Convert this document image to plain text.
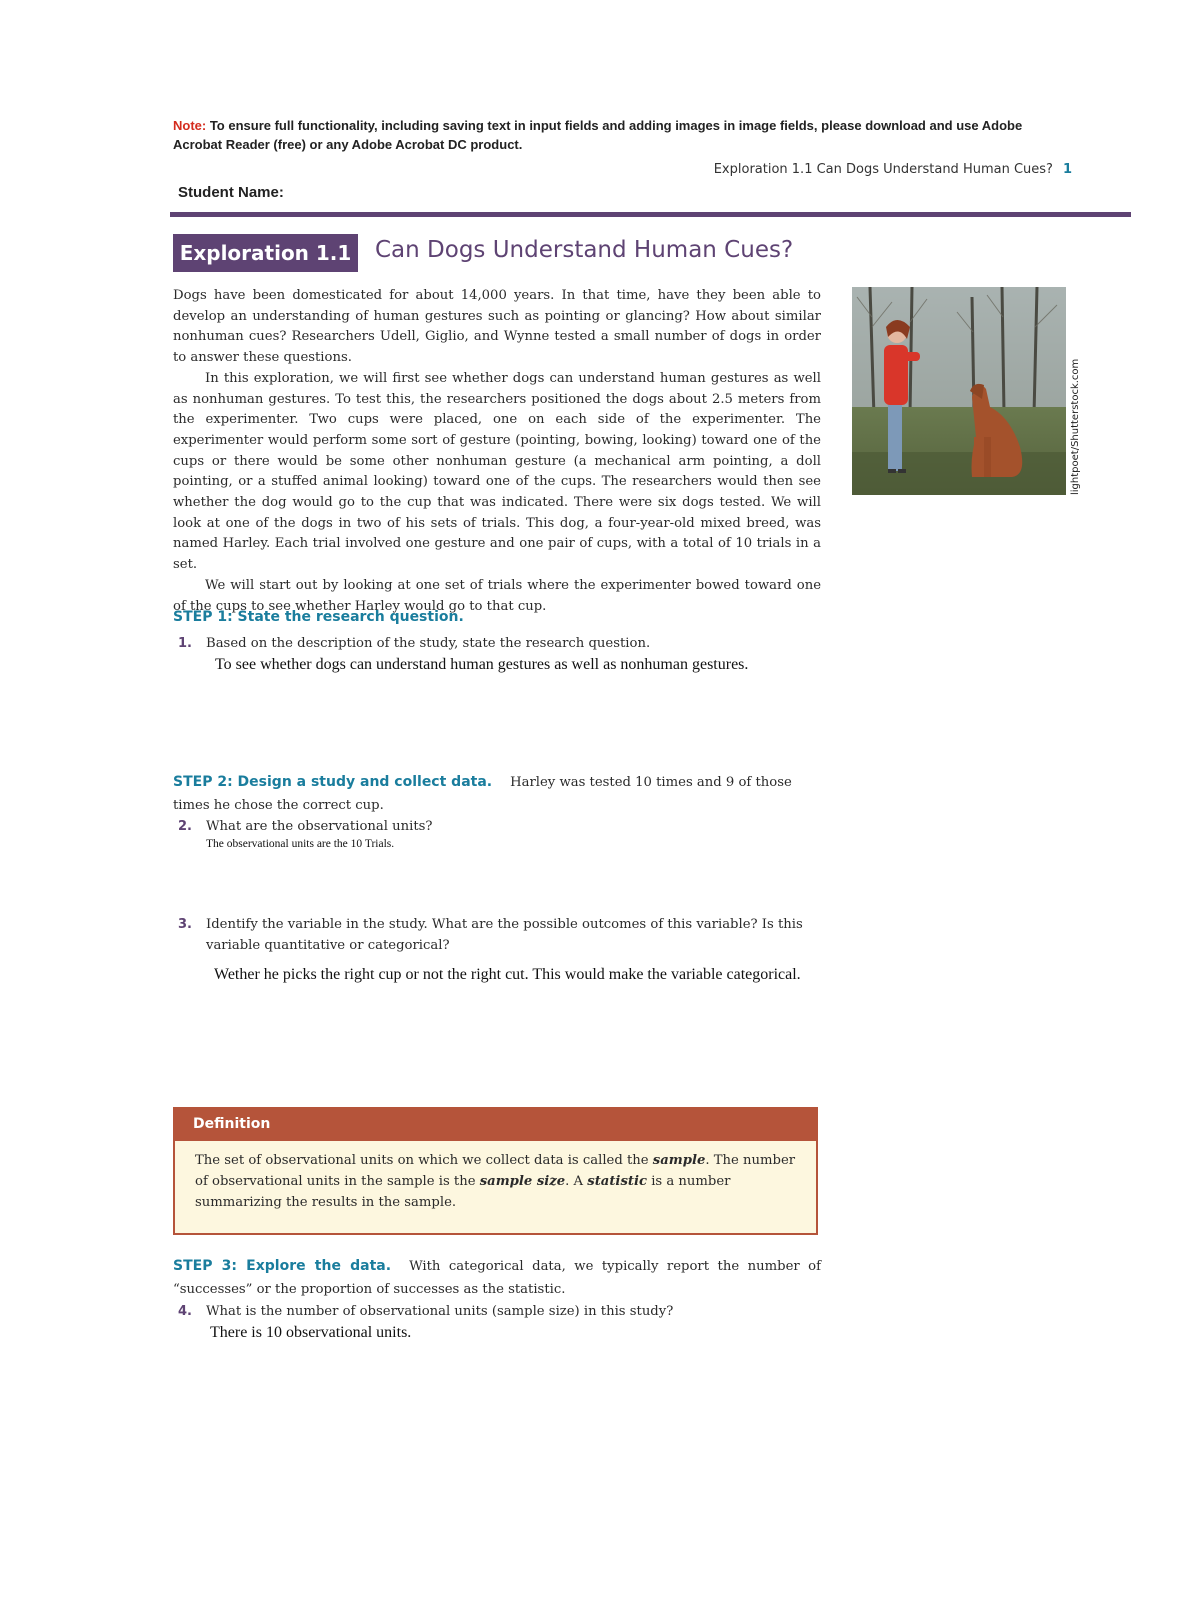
Note: To ensure full functionality, including saving text in input fields and adding images in image fields, please download and use Adobe Acrobat Reader (free) or any Adobe Acrobat DC product.
Exploration 1.1 Can Dogs Understand Human Cues? 1
Student Name:
Exploration 1.1 Can Dogs Understand Human Cues?

Dogs have been domesticated for about 14,000 years. In that time, have they been able to develop an understanding of human gestures such as pointing or glancing? How about similar nonhuman cues? Researchers Udell, Giglio, and Wynne tested a small number of dogs in order to answer these questions.

In this exploration, we will first see whether dogs can understand human gestures as well as nonhuman gestures. To test this, the researchers positioned the dogs about 2.5 meters from the experimenter. Two cups were placed, one on each side of the experimenter. The experimenter would perform some sort of gesture (pointing, bowing, looking) toward one of the cups or there would be some other nonhuman gesture (a mechanical arm pointing, a doll pointing, or a stuffed animal looking) toward one of the cups. The researchers would then see whether the dog would go to the cup that was indicated. There were six dogs tested. We will look at one of the dogs in two of his sets of trials. This dog, a four-year-old mixed breed, was named Harley. Each trial involved one gesture and one pair of cups, with a total of 10 trials in a set.

We will start out by looking at one set of trials where the experimenter bowed toward one of the cups to see whether Harley would go to that cup.

lightpoet/Shutterstock.com
STEP 1: State the research question.
1. Based on the description of the study, state the research question.
To see whether dogs can understand human gestures as well as nonhuman gestures.
STEP 2: Design a study and collect data. Harley was tested 10 times and 9 of those times he chose the correct cup.
2. What are the observational units?
The observational units are the 10 Trials.
3. Identify the variable in the study. What are the possible outcomes of this variable? Is this variable quantitative or categorical?
Wether he picks the right cup or not the right cut. This would make the variable categorical.
Definition
The set of observational units on which we collect data is called the sample. The number of observational units in the sample is the sample size. A statistic is a number summarizing the results in the sample.
STEP 3: Explore the data. With categorical data, we typically report the number of “successes” or the proportion of successes as the statistic.
4. What is the number of observational units (sample size) in this study?
There is 10 observational units.
